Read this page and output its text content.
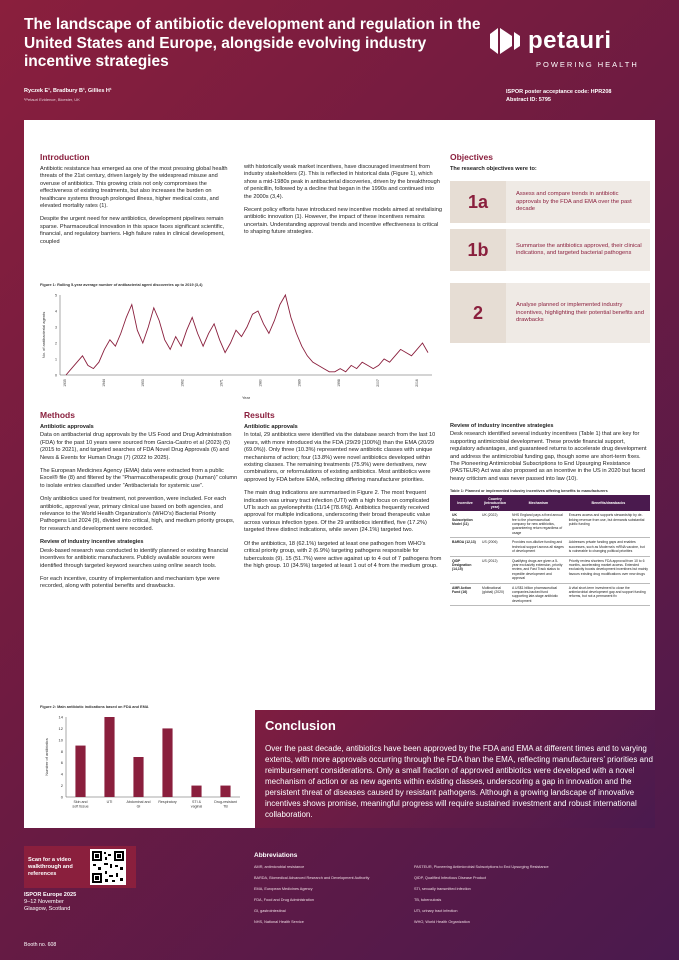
The landscape of antibiotic development and regulation in the United States and Europe, alongside evolving industry incentive strategies
Ryczek E¹, Bradbury B¹, Gillies H¹
¹Petauri Evidence, Bicester, UK
petauri
POWERING HEALTH
ISPOR poster acceptance code: HPR208
Abstract ID: 5795
Introduction
Antibiotic resistance has emerged as one of the most pressing global health threats of the 21st century, driven largely by the widespread misuse and overuse of antibiotics. This growing crisis not only compromises the effectiveness of existing treatments, but also increases the burden on healthcare systems through prolonged illness, higher medical costs, and elevated mortality rates (1).
Despite the urgent need for new antibiotics, development pipelines remain sparse. Pharmaceutical innovation in this space faces significant scientific, financial, and regulatory barriers. High failure rates in clinical development, coupled
with historically weak market incentives, have discouraged investment from industry stakeholders (2). This is reflected in historical data (Figure 1), which show a mid-1980s peak in antibacterial discoveries, driven by the breakthrough of penicillin, followed by a decline that began in the 1990s and continued into the 2000s (3,4).
Recent policy efforts have introduced new incentive models aimed at revitalising antibiotic innovation (1). However, the impact of these incentives remains uncertain. Understanding approval trends and incentive effectiveness is critical to shaping future strategies.
Figure 1: Rolling 5-year average number of antibacterial agent discoveries up to 2019 (3,4)
0
1
2
3
4
5
1935	1944	1953	1962	1971	1980	1989	1998	2007	2016
Year
No. of antibacterial agents
Objectives
The research objectives were to:
1a	Assess and compare trends in antibiotic approvals by the FDA and EMA over the past decade
1b	Summarise the antibiotics approved, their clinical indications, and targeted bacterial pathogens
2	Analyse planned or implemented industry incentives, highlighting their potential benefits and drawbacks
Methods
Antibiotic approvals
Data on antibacterial drug approvals by the US Food and Drug Administration (FDA) for the past 10 years were sourced from Garcia-Castro et al (2023) (5) (2015 to 2021), and targeted searches of FDA Novel Drug Approvals (6) and News & Events for Human Drugs (7) (2022 to 2025).
The European Medicines Agency (EMA) data were extracted from a public Excel® file (8) and filtered by the “Pharmacotherapeutic group (human)” column to isolate entries classified under “Antibacterials for systemic use”.
Only antibiotics used for treatment, not prevention, were included. For each antibiotic, approval year, primary clinical use based on both agencies, and relevance to the World Health Organization’s (WHO’s) Bacterial Priority Pathogens List 2024 (9), divided into critical, high, and medium priority groups, for research and development were recorded.
Review of industry incentive strategies
Desk-based research was conducted to identify planned or existing financial incentives for antibiotic manufacturers. Publicly available sources were identified through targeted keyword searches using online search tools.
For each incentive, country of implementation and mechanism type were recorded, along with potential benefits and drawbacks.
Figure 2: Main antibiotic indications based on FDA and EMA
0
2
4
6
8
10
12
14
Number of antibiotics
Skin and soft tissue
UTI	Abdominal and GI
Respiratory	STI & vaginal
Drug-resistant TB
Results
Antibiotic approvals
In total, 29 antibiotics were identified via the database search from the last 10 years, with more introduced via the FDA (29/29 [100%]) than the EMA (20/29 (69.0%)). Only three (10.3%) represented new antibiotic classes with unique mechanisms of action; four (13.8%) were novel antibiotics developed within existing classes. The remaining treatments (75.9%) were derivatives, new combinations, or reformulations of existing antibiotics. Most antibiotics were approved by FDA before EMA, reflecting differing manufacturer priorities.
The main drug indications are summarised in Figure 2. The most frequent indication was urinary tract infection (UTI) with a high focus on complicated UTIs such as pyelonephritis (11/14 [78.6%]). Antibiotics frequently received approval for multiple indications, underscoring their broad therapeutic value across various infection types. Of the 29 antibiotics identified, five (17.2%) targeted three distinct indications, while seven (24.1%) targeted two.
Of the antibiotics, 18 (62.1%) targeted at least one pathogen from WHO’s critical priority group, with 2 (6.9%) targeting pathogens responsible for tuberculosis (9). 15 (51.7%) were active against up to 4 out of 7 pathogens from the high group. 10 (34.5%) targeted at least 1 out of 4 from the medium group.
Review of industry incentive strategies
Desk research identified several industry incentives (Table 1) that are key for supporting antimicrobial development. These provide financial support, regulatory advantages, and guaranteed returns to accelerate drug development and address the antimicrobial funding gap, though some are short-term fixes. The Pioneering Antimicrobial Subscriptions to End Upsurging Resistance (PASTEUR) Act was also proposed as an incentive in the US in 2020 but faced heavy criticism and was never passed into law (10).
Table 1: Planned or implemented industry incentives offering benefits to manufacturers
Incentive	Country (introduction year)	Mechanism	Benefits/drawbacks
UK Subscription Model (11)	UK (2022)	NHS England pays a fixed annual fee to the pharmaceutical company for new antibiotics, guaranteeing return regardless of usage	Ensures access and supports stewardship by de-linking revenue from use, but demands substantial public funding
BARDA (12,13)	US (2006)	Provides non-dilutive funding and technical support across all stages of development	Addresses private funding gaps and enables successes, such as Moderna’s mRNA vaccine, but is vulnerable to changing political priorities
QIDP Designation (14,15)	US (2012)	Qualifying drugs are given a 5-year exclusivity extension, priority review, and Fast Track status to expedite development and approval	Priority review shortens FDA approval from 10 to 6 months, accelerating market access. Extended exclusivity boosts development incentives but mainly favours existing drug modifications over new drugs
AMR Action Fund (16)	Multinational (global) (2020)	A US$1 billion pharmaceutical companies-backed fund supporting late-stage antibiotic development	A vital short-term investment to close the antimicrobial development gap and support funding reforms, but not a permanent fix
Conclusion
Over the past decade, antibiotics have been approved by the FDA and EMA at different times and to varying extents, with more approvals occurring through the FDA than the EMA, reflecting manufacturers’ priorities and reimbursement considerations. Only a small fraction of approved antibiotics were developed with a novel mechanism of action or as new agents within existing classes, underscoring a gap in innovation and the persistent threat of diseases caused by resistant pathogens. Although a growing landscape of innovative incentives shows promise, meaningful progress will require sustained investment and robust international collaboration.
Scan for a video walkthrough and references
ISPOR Europe 2025
9–12 November
Glasgow, Scotland
Booth no. 608
Abbreviations
AMR, antimicrobial resistance	PASTEUR, Pioneering Antimicrobial Subscriptions to End Upsurging Resistance
BARDA, Biomedical Advanced Research and Development Authority	QIDP, Qualified Infectious Disease Product
EMA, European Medicines Agency	STI, sexually transmitted infection
FDA, Food and Drug Administration	TB, tuberculosis
GI, gastrointestinal	UTI, urinary tract infection
NHS, National Health Service	WHO, World Health Organization
